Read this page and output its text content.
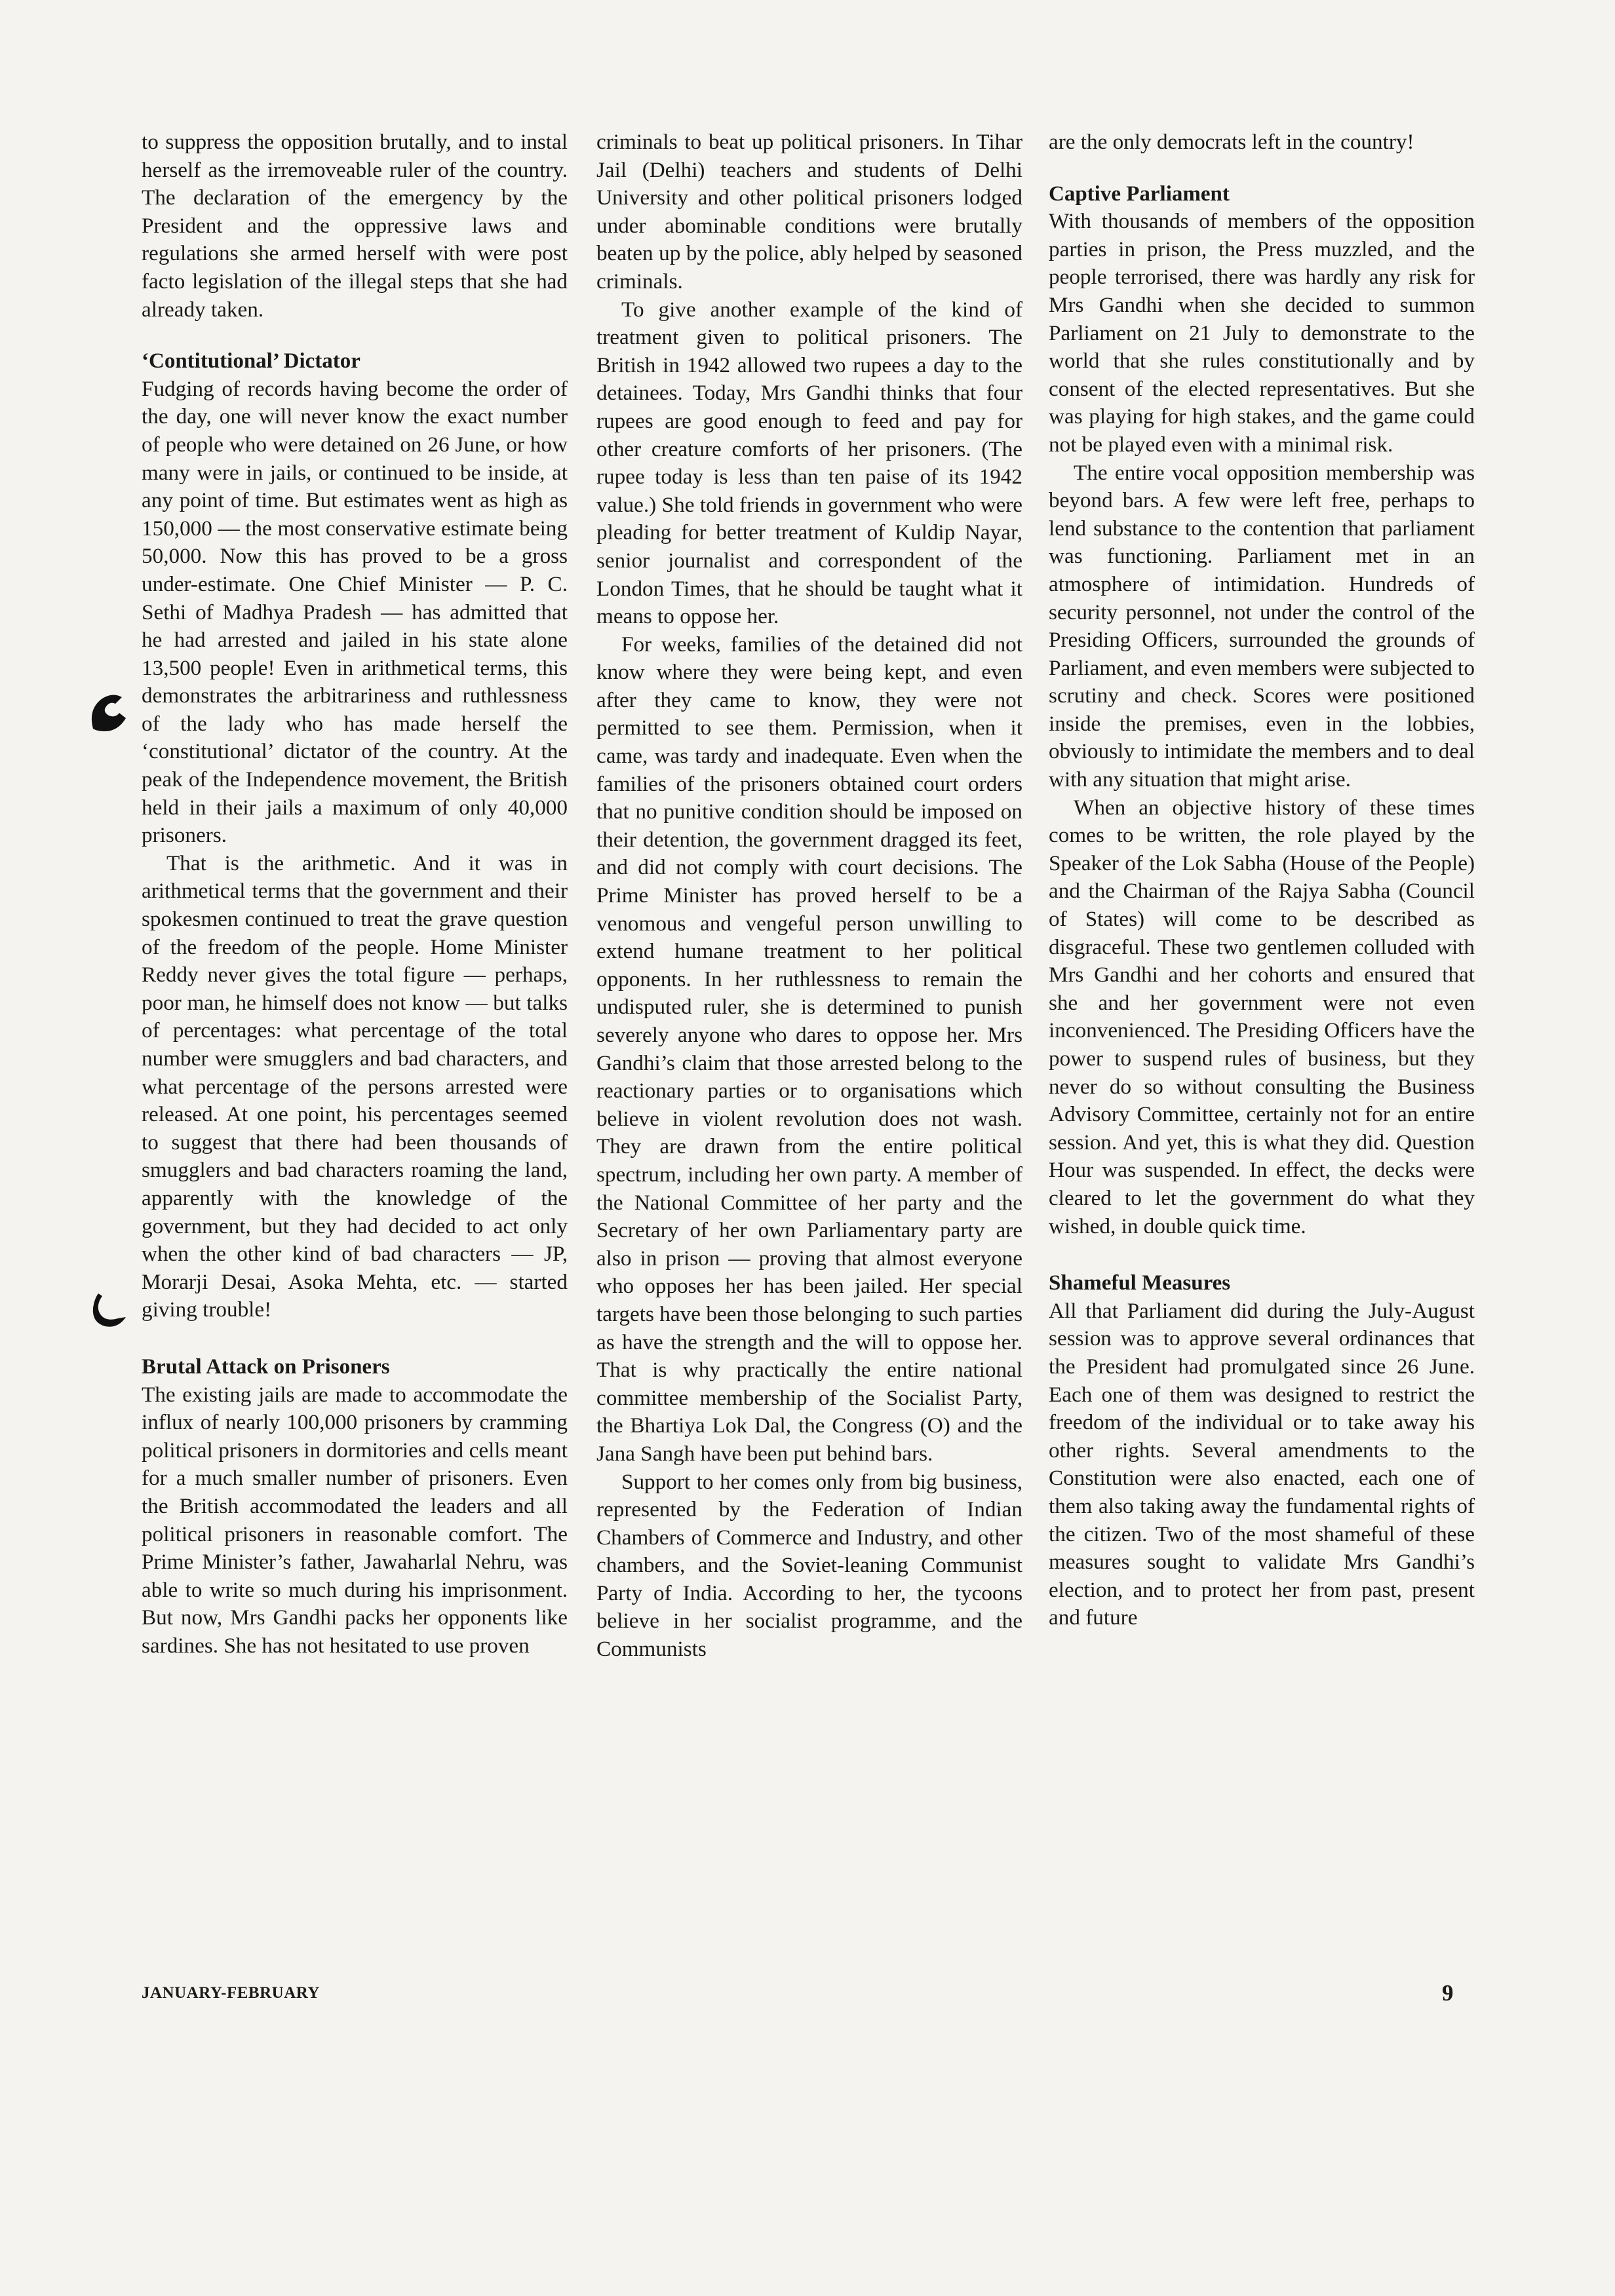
to suppress the opposition brutally, and to instal herself as the irremoveable ruler of the country. The declaration of the emergency by the President and the oppressive laws and regulations she armed herself with were post facto legislation of the illegal steps that she had already taken.

‘Contitutional’ Dictator

Fudging of records having become the order of the day, one will never know the exact number of people who were detained on 26 June, or how many were in jails, or continued to be inside, at any point of time. But estimates went as high as 150,000 — the most conservative estimate being 50,000. Now this has proved to be a gross under-estimate. One Chief Minister — P. C. Sethi of Madhya Pradesh — has admitted that he had arrested and jailed in his state alone 13,500 people! Even in arithmetical terms, this demonstrates the arbitrariness and ruthlessness of the lady who has made herself the ‘constitutional’ dictator of the country. At the peak of the Independence movement, the British held in their jails a maximum of only 40,000 prisoners.

That is the arithmetic. And it was in arithmetical terms that the government and their spokesmen continued to treat the grave question of the freedom of the people. Home Minister Reddy never gives the total figure — perhaps, poor man, he himself does not know — but talks of percentages: what percentage of the total number were smugglers and bad characters, and what percentage of the persons arrested were released. At one point, his percentages seemed to suggest that there had been thousands of smugglers and bad characters roaming the land, apparently with the knowledge of the government, but they had decided to act only when the other kind of bad characters — JP, Morarji Desai, Asoka Mehta, etc. — started giving trouble!

Brutal Attack on Prisoners

The existing jails are made to accommodate the influx of nearly 100,000 prisoners by cramming political prisoners in dormitories and cells meant for a much smaller number of prisoners. Even the British accommodated the leaders and all political prisoners in reasonable comfort. The Prime Minister’s father, Jawaharlal Nehru, was able to write so much during his imprisonment. But now, Mrs Gandhi packs her opponents like sardines. She has not hesitated to use proven

criminals to beat up political prisoners. In Tihar Jail (Delhi) teachers and students of Delhi University and other political prisoners lodged under abominable conditions were brutally beaten up by the police, ably helped by seasoned criminals.

To give another example of the kind of treatment given to political prisoners. The British in 1942 allowed two rupees a day to the detainees. Today, Mrs Gandhi thinks that four rupees are good enough to feed and pay for other creature comforts of her prisoners. (The rupee today is less than ten paise of its 1942 value.) She told friends in government who were pleading for better treatment of Kuldip Nayar, senior journalist and correspondent of the London Times, that he should be taught what it means to oppose her.

For weeks, families of the detained did not know where they were being kept, and even after they came to know, they were not permitted to see them. Permission, when it came, was tardy and inadequate. Even when the families of the prisoners obtained court orders that no punitive condition should be imposed on their detention, the government dragged its feet, and did not comply with court decisions. The Prime Minister has proved herself to be a venomous and vengeful person unwilling to extend humane treatment to her political opponents. In her ruthlessness to remain the undisputed ruler, she is determined to punish severely anyone who dares to oppose her. Mrs Gandhi’s claim that those arrested belong to the reactionary parties or to organisations which believe in violent revolution does not wash. They are drawn from the entire political spectrum, including her own party. A member of the National Committee of her party and the Secretary of her own Parliamentary party are also in prison — proving that almost everyone who opposes her has been jailed. Her special targets have been those belonging to such parties as have the strength and the will to oppose her. That is why practically the entire national committee membership of the Socialist Party, the Bhartiya Lok Dal, the Congress (O) and the Jana Sangh have been put behind bars.

Support to her comes only from big business, represented by the Federation of Indian Chambers of Commerce and Industry, and other chambers, and the Soviet-leaning Communist Party of India. According to her, the tycoons believe in her socialist programme, and the Communists

are the only democrats left in the country!

Captive Parliament

With thousands of members of the opposition parties in prison, the Press muzzled, and the people terrorised, there was hardly any risk for Mrs Gandhi when she decided to summon Parliament on 21 July to demonstrate to the world that she rules constitutionally and by consent of the elected representatives. But she was playing for high stakes, and the game could not be played even with a minimal risk.

The entire vocal opposition membership was beyond bars. A few were left free, perhaps to lend substance to the contention that parliament was functioning. Parliament met in an atmosphere of intimidation. Hundreds of security personnel, not under the control of the Presiding Officers, surrounded the grounds of Parliament, and even members were subjected to scrutiny and check. Scores were positioned inside the premises, even in the lobbies, obviously to intimidate the members and to deal with any situation that might arise.

When an objective history of these times comes to be written, the role played by the Speaker of the Lok Sabha (House of the People) and the Chairman of the Rajya Sabha (Council of States) will come to be described as disgraceful. These two gentlemen colluded with Mrs Gandhi and her cohorts and ensured that she and her government were not even inconvenienced. The Presiding Officers have the power to suspend rules of business, but they never do so without consulting the Business Advisory Committee, certainly not for an entire session. And yet, this is what they did. Question Hour was suspended. In effect, the decks were cleared to let the government do what they wished, in double quick time.

Shameful Measures

All that Parliament did during the July-August session was to approve several ordinances that the President had promulgated since 26 June. Each one of them was designed to restrict the freedom of the individual or to take away his other rights. Several amendments to the Constitution were also enacted, each one of them also taking away the fundamental rights of the citizen. Two of the most shameful of these measures sought to validate Mrs Gandhi’s election, and to protect her from past, present and future

JANUARY-FEBRUARY	9
